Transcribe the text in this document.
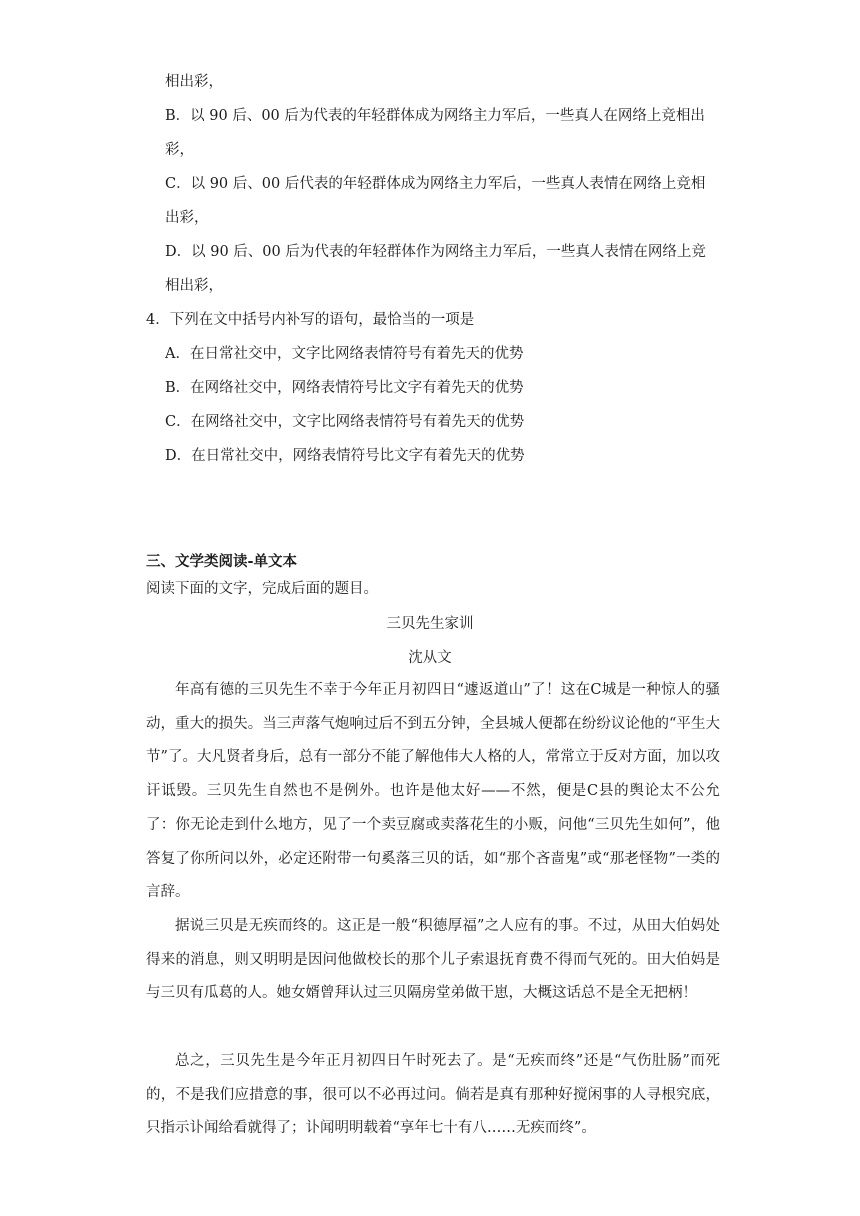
相出彩，
B．以 90 后、00 后为代表的年轻群体成为网络主力军后，一些真人在网络上竞相出
彩，
C．以 90 后、00 后代表的年轻群体成为网络主力军后，一些真人表情在网络上竞相
出彩，
D．以 90 后、00 后为代表的年轻群体作为网络主力军后，一些真人表情在网络上竞
相出彩，
4．下列在文中括号内补写的语句，最恰当的一项是
A．在日常社交中，文字比网络表情符号有着先天的优势
B．在网络社交中，网络表情符号比文字有着先天的优势
C．在网络社交中，文字比网络表情符号有着先天的优势
D．在日常社交中，网络表情符号比文字有着先天的优势
三、文学类阅读-单文本
阅读下面的文字，完成后面的题目。
三贝先生家训
沈从文
年高有德的三贝先生不幸于今年正月初四日“遽返道山”了！这在C城是一种惊人的骚动，重大的损失。当三声落气炮响过后不到五分钟，全县城人便都在纷纷议论他的“平生大节”了。大凡贤者身后，总有一部分不能了解他伟大人格的人，常常立于反对方面，加以攻讦诋毁。三贝先生自然也不是例外。也许是他太好——不然，便是C县的舆论太不公允了：你无论走到什么地方，见了一个卖豆腐或卖落花生的小贩，问他“三贝先生如何”，他答复了你所问以外，必定还附带一句奚落三贝的话，如“那个吝啬鬼”或“那老怪物”一类的言辞。
据说三贝是无疾而终的。这正是一般“积德厚福”之人应有的事。不过，从田大伯妈处得来的消息，则又明明是因问他做校长的那个儿子索退抚育费不得而气死的。田大伯妈是与三贝有瓜葛的人。她女婿曾拜认过三贝隔房堂弟做干崽，大概这话总不是全无把柄！
总之，三贝先生是今年正月初四日午时死去了。是“无疾而终”还是“气伤肚肠”而死的，不是我们应措意的事，很可以不必再过问。倘若是真有那种好搅闲事的人寻根究底，只指示讣闻给看就得了；讣闻明明载着“享年七十有八……无疾而终”。
